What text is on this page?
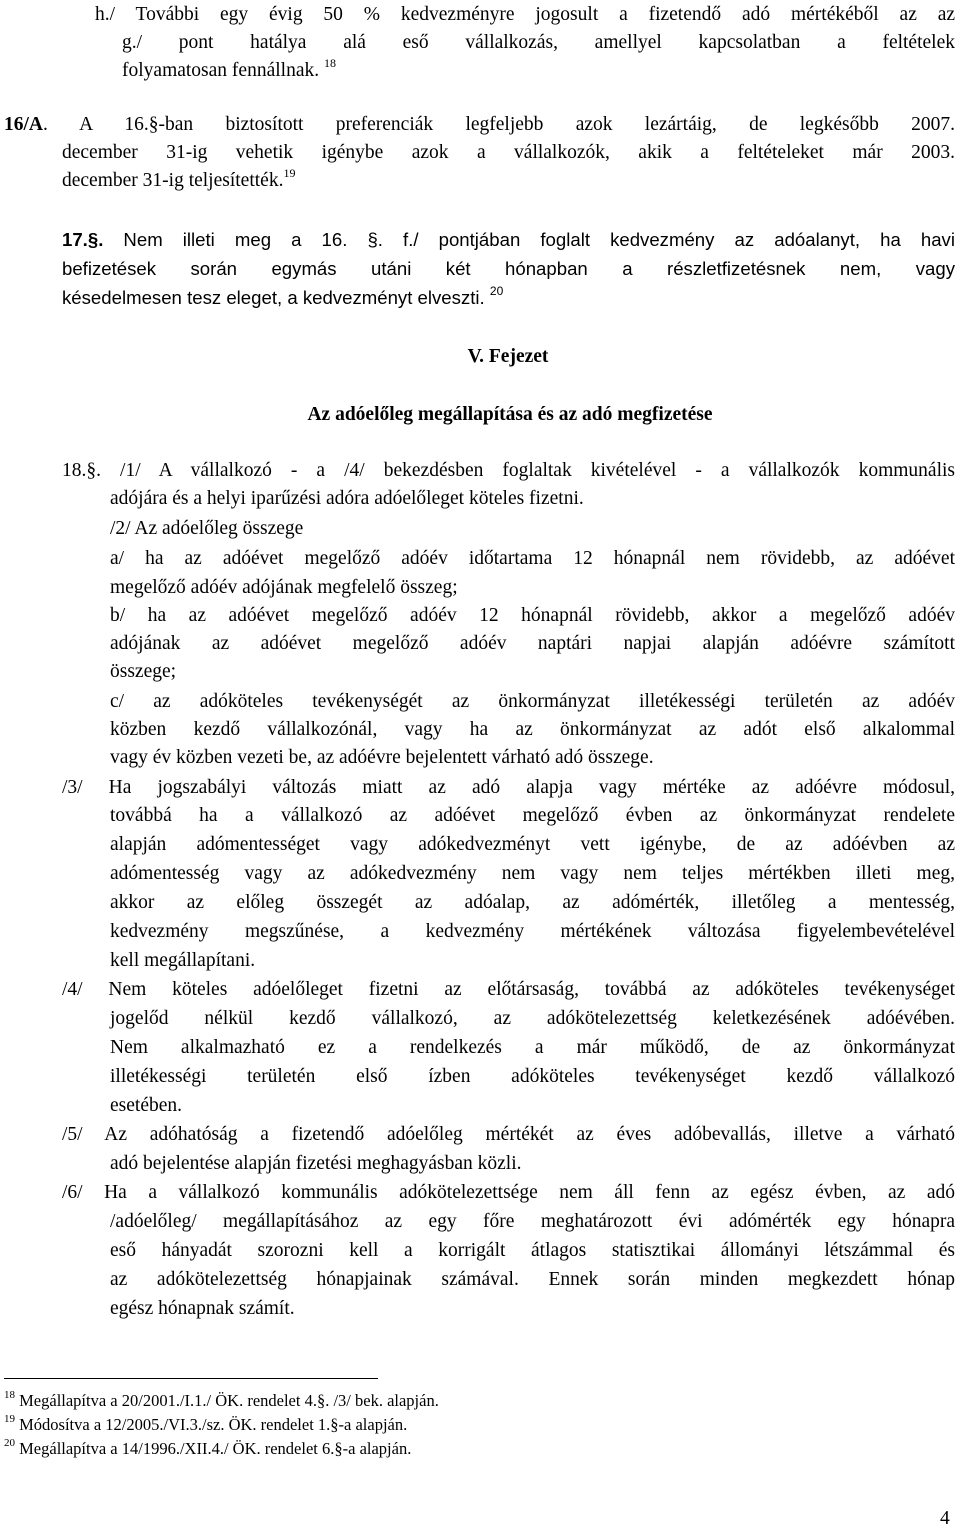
h./ További egy évig 50 % kedvezményre jogosult a fizetendő adó mértékéből az az
g./ pont hatálya alá eső vállalkozás, amellyel kapcsolatban a feltételek
folyamatosan fennállnak. $^{18}$
16/A. A 16.§-ban biztosított preferenciák legfeljebb azok lezártáig, de legkésőbb 2007.
december 31-ig vehetik igénybe azok a vállalkozók, akik a feltételeket már 2003.
december 31-ig teljesítették.$^{19}$
17.§. Nem illeti meg a 16. §. f./ pontjában foglalt kedvezmény az adóalanyt, ha havi
befizetések során egymás utáni két hónapban a részletfizetésnek nem, vagy
késedelmesen tesz eleget, a kedvezményt elveszti. $^{20}$
V. Fejezet
Az adóelőleg megállapítása és az adó megfizetése
18.§. /1/ A vállalkozó - a /4/ bekezdésben foglaltak kivételével - a vállalkozók kommunális
adójára és a helyi iparűzési adóra adóelőleget köteles fizetni.
/2/ Az adóelőleg összege
a/ ha az adóévet megelőző adóév időtartama 12 hónapnál nem rövidebb, az adóévet
megelőző adóév adójának megfelelő összeg;
b/ ha az adóévet megelőző adóév 12 hónapnál rövidebb, akkor a megelőző adóév
adójának az adóévet megelőző adóév naptári napjai alapján adóévre számított
összege;
c/ az adóköteles tevékenységét az önkormányzat illetékességi területén az adóév
közben kezdő vállalkozónál, vagy ha az önkormányzat az adót első alkalommal
vagy év közben vezeti be, az adóévre bejelentett várható adó összege.
/3/ Ha jogszabályi változás miatt az adó alapja vagy mértéke az adóévre módosul,
továbbá ha a vállalkozó az adóévet megelőző évben az önkormányzat rendelete
alapján adómentességet vagy adókedvezményt vett igénybe, de az adóévben az
adómentesség vagy az adókedvezmény nem vagy nem teljes mértékben illeti meg,
akkor az előleg összegét az adóalap, az adómérték, illetőleg a mentesség,
kedvezmény megszűnése, a kedvezmény mértékének változása figyelembevételével
kell megállapítani.
/4/ Nem köteles adóelőleget fizetni az előtársaság, továbbá az adóköteles tevékenységet
jogelőd nélkül kezdő vállalkozó, az adókötelezettség keletkezésének adóévében.
Nem alkalmazható ez a rendelkezés a már működő, de az önkormányzat
illetékességi területén első ízben adóköteles tevékenységet kezdő vállalkozó
esetében.
/5/ Az adóhatóság a fizetendő adóelőleg mértékét az éves adóbevallás, illetve a várható
adó bejelentése alapján fizetési meghagyásban közli.
/6/ Ha a vállalkozó kommunális adókötelezettsége nem áll fenn az egész évben, az adó
/adóelőleg/ megállapításához az egy főre meghatározott évi adómérték egy hónapra
eső hányadát szorozni kell a korrigált átlagos statisztikai állományi létszámmal és
az adókötelezettség hónapjainak számával. Ennek során minden megkezdett hónap
egész hónapnak számít.
$^{18}$ Megállapítva a 20/2001./I.1./ ÖK. rendelet 4.§. /3/ bek. alapján.
$^{19}$ Módosítva a 12/2005./VI.3./sz. ÖK. rendelet 1.§-a alapján.
$^{20}$ Megállapítva a 14/1996./XII.4./ ÖK. rendelet 6.§-a alapján.
4
